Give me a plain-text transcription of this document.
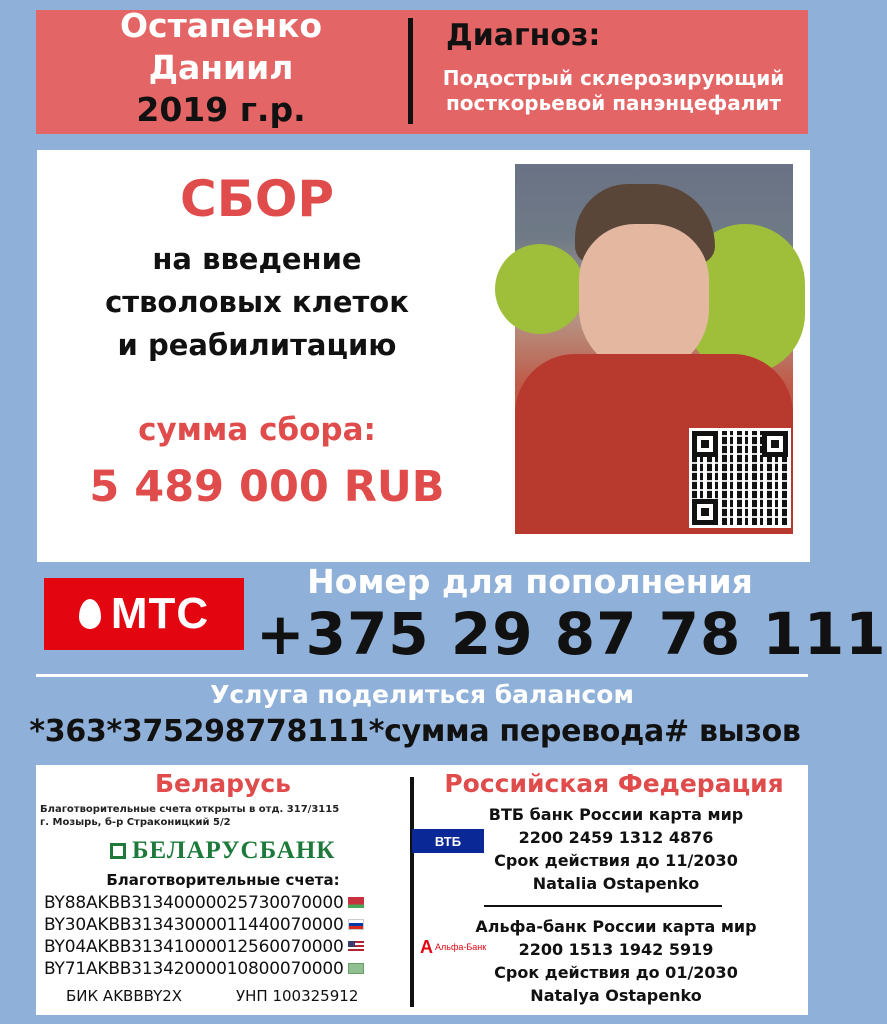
Остапенко
Даниил
2019 г.р.
Диагноз:
Подострый склерозирующий посткорьевой панэнцефалит
СБОР
на введение
стволовых клеток
и реабилитацию
сумма сбора:
5 489 000 RUB
МТС
Номер для пополнения
+375 29 87 78 111
Услуга поделиться балансом
*363*375298778111*сумма перевода# вызов
Беларусь
Благотворительные счета открыты в отд. 317/3115
г. Мозырь, б-р Страконицкий 5/2
БЕЛАРУСБАНК
Благотворительные счета:
BY88AKBB31340000025730070000
BY30AKBB31343000011440070000
BY04AKBB31341000012560070000
BY71AKBB31342000010800070000
БИК AKBBBY2X	УНП 100325912
Российская Федерация
ВТБ
ВТБ банк России карта мир
2200 2459 1312 4876
Срок действия до 11/2030
Natalia Ostapenko
А Альфа-Банк
Альфа-банк России карта мир
2200 1513 1942 5919
Срок действия до 01/2030
Natalya Ostapenko
